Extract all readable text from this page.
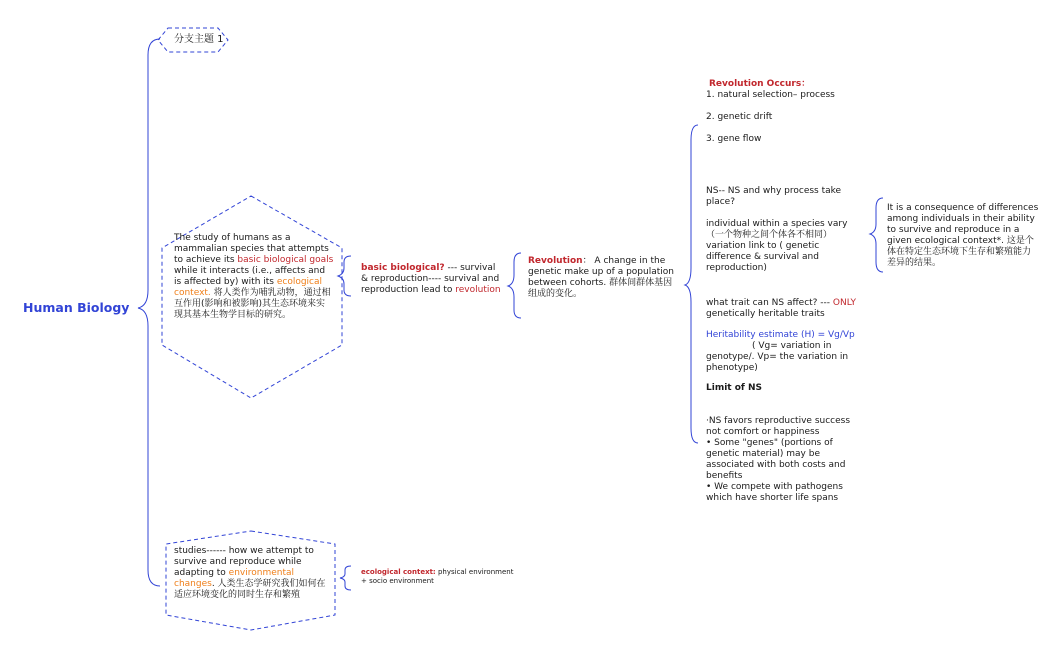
Human Biology
分支主题 1
The study of humans as a mammalian species that attempts to achieve its basic biological goals while it interacts (i.e., affects and is affected by) with its ecological context. 将人类作为哺乳动物，通过相互作用(影响和被影响)其生态环境来实现其基本生物学目标的研究。
basic biological? --- survival & reproduction---- survival and reproduction lead to revolution
Revolution： A change in the genetic make up of a population between cohorts. 群体间群体基因组成的变化。
Revolution Occurs：
1. natural selection– process
2. genetic drift
3. gene flow
NS-- NS and why process take place?
individual within a species vary （一个物种之间个体各不相同）
variation link to ( genetic difference & survival and reproduction)
It is a consequence of differences among individuals in their ability to survive and reproduce in a given ecological context*. 这是个体在特定生态环境下生存和繁殖能力差异的结果。
what trait can NS affect? --- ONLY genetically heritable traits
Heritability estimate (H) = Vg/Vp
( Vg= variation in genotype/. Vp= the variation in phenotype)
Limit of NS
·NS favors reproductive success not comfort or happiness
• Some "genes" (portions of genetic material) may be associated with both costs and benefits
• We compete with pathogens which have shorter life spans
studies------ how we attempt to survive and reproduce while adapting to environmental changes. 人类生态学研究我们如何在适应环境变化的同时生存和繁殖
ecological context: physical environment + socio environment
